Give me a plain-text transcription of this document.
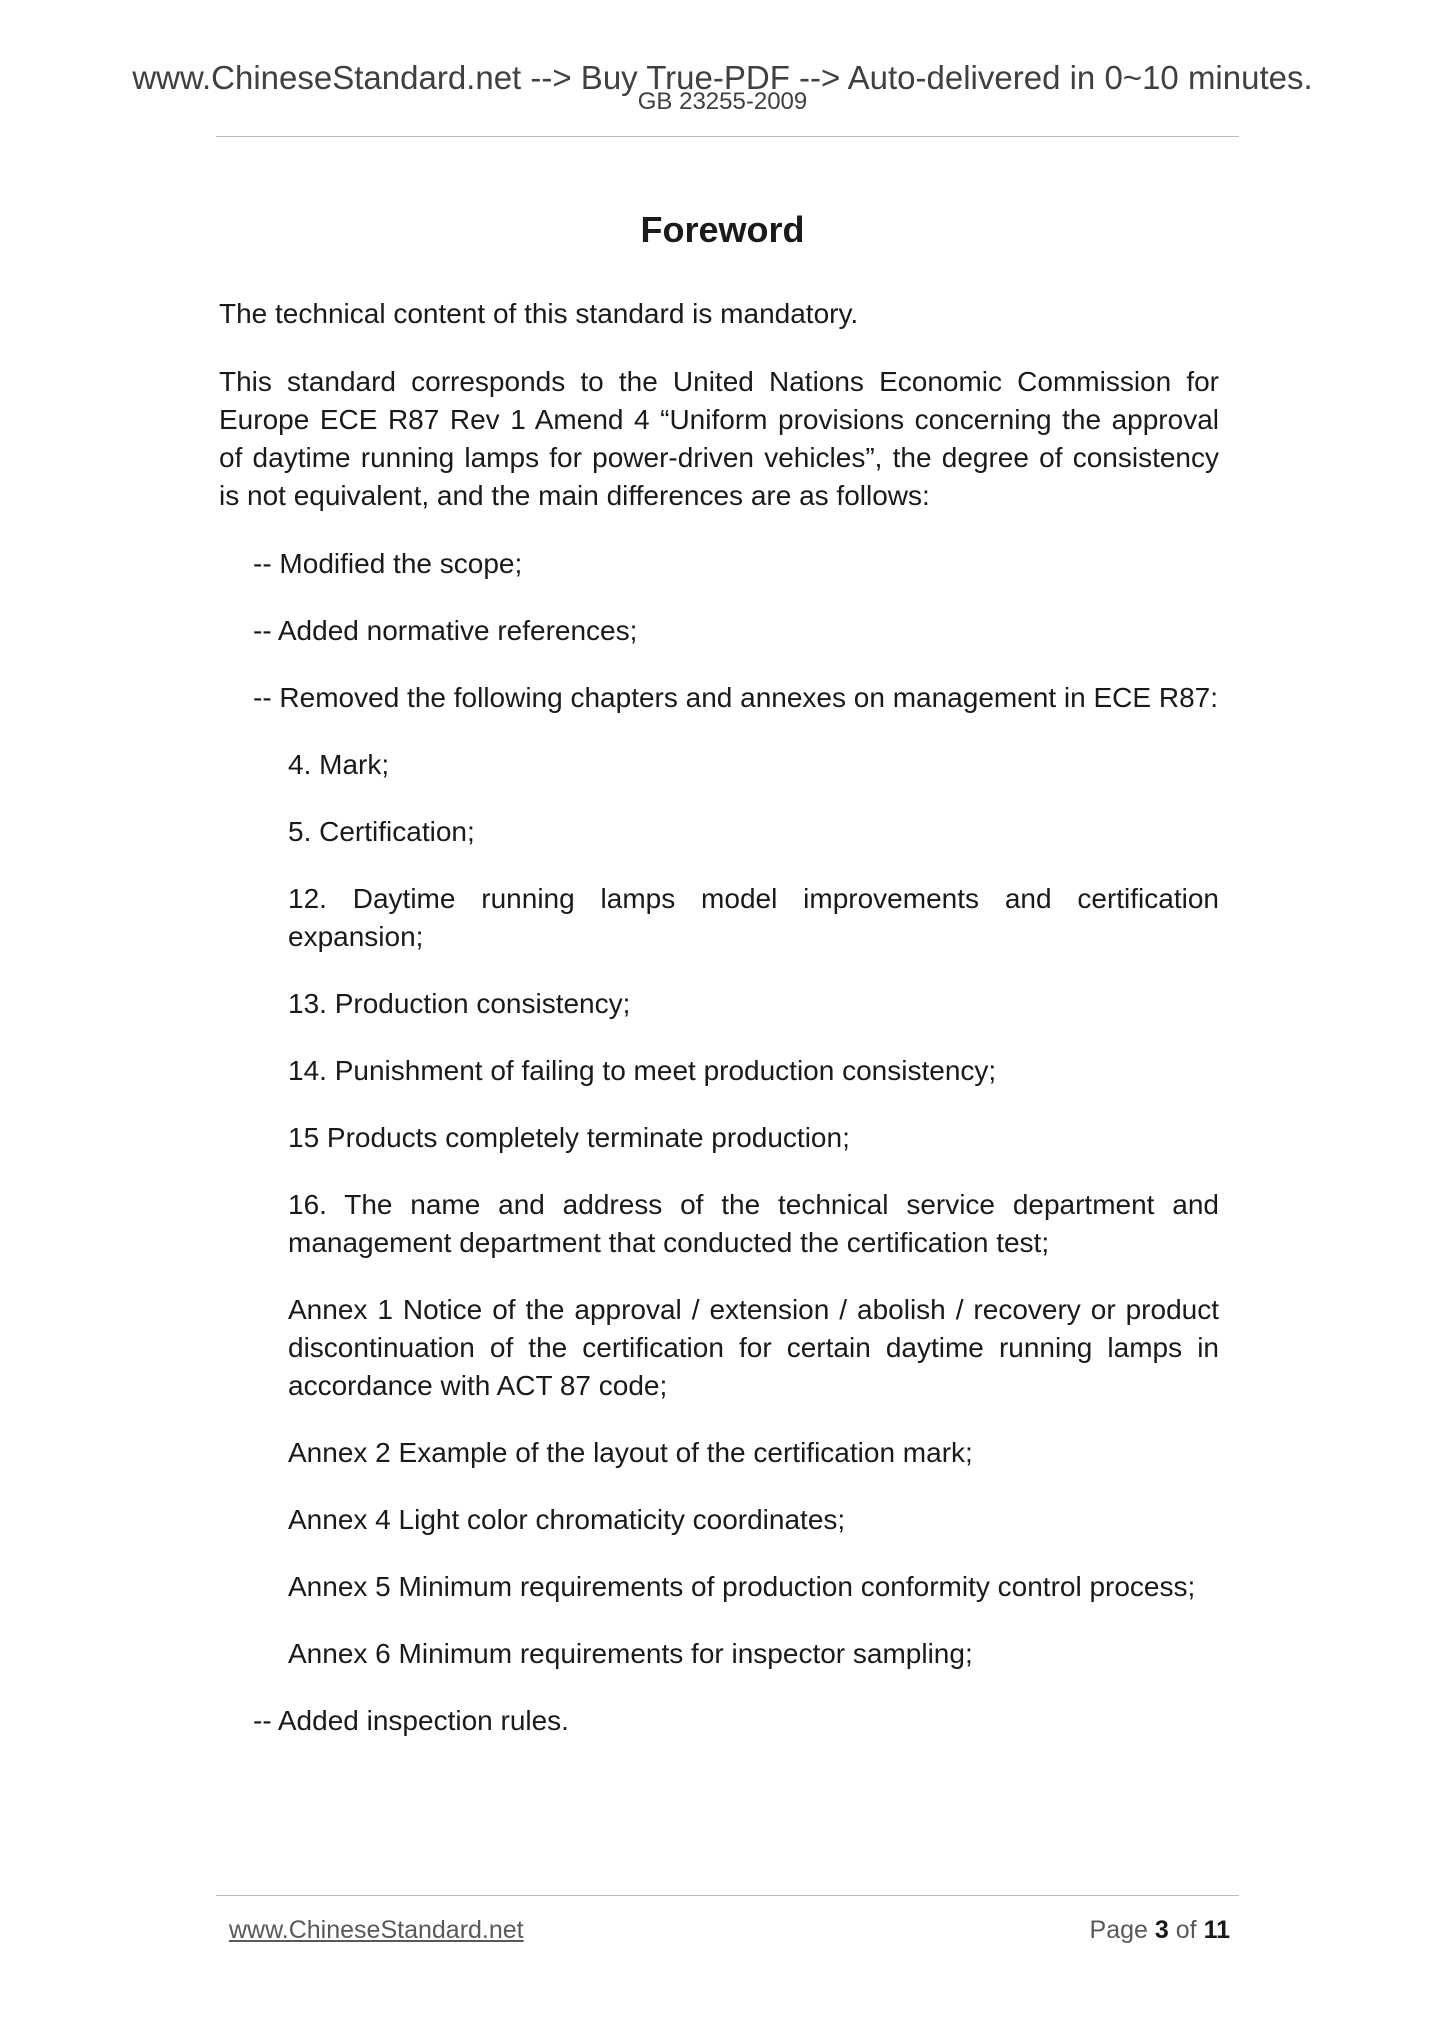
www.ChineseStandard.net --> Buy True-PDF --> Auto-delivered in 0~10 minutes.
GB 23255-2009
Foreword

The technical content of this standard is mandatory.

This standard corresponds to the United Nations Economic Commission for Europe ECE R87 Rev 1 Amend 4 “Uniform provisions concerning the approval of daytime running lamps for power-driven vehicles”, the degree of consistency is not equivalent, and the main differences are as follows:

-- Modified the scope;
-- Added normative references;
-- Removed the following chapters and annexes on management in ECE R87:
4. Mark;
5. Certification;
12. Daytime running lamps model improvements and certification expansion;
13. Production consistency;
14. Punishment of failing to meet production consistency;
15 Products completely terminate production;
16. The name and address of the technical service department and management department that conducted the certification test;
Annex 1 Notice of the approval / extension / abolish / recovery or product discontinuation of the certification for certain daytime running lamps in accordance with ACT 87 code;
Annex 2 Example of the layout of the certification mark;
Annex 4 Light color chromaticity coordinates;
Annex 5 Minimum requirements of production conformity control process;
Annex 6 Minimum requirements for inspector sampling;
-- Added inspection rules.
www.ChineseStandard.net	Page 3 of 11
